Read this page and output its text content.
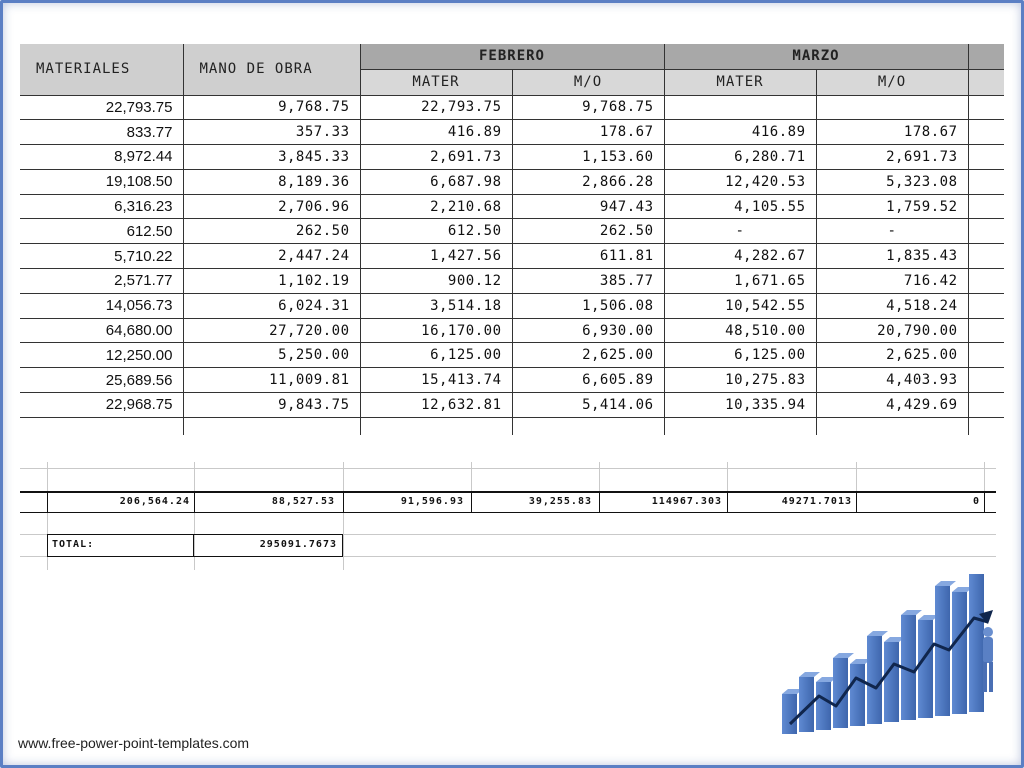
MATERIALES	MANO DE OBRA	FEBRERO		MARZO		
		MATER	M/O	MATER	M/O	
22,793.75	9,768.75	22,793.75	9,768.75			
833.77	357.33	416.89	178.67	416.89	178.67	
8,972.44	3,845.33	2,691.73	1,153.60	6,280.71	2,691.73	
19,108.50	8,189.36	6,687.98	2,866.28	12,420.53	5,323.08	
6,316.23	2,706.96	2,210.68	947.43	4,105.55	1,759.52	
612.50	262.50	612.50	262.50	-	-	
5,710.22	2,447.24	1,427.56	611.81	4,282.67	1,835.43	
2,571.77	1,102.19	900.12	385.77	1,671.65	716.42	
14,056.73	6,024.31	3,514.18	1,506.08	10,542.55	4,518.24	
64,680.00	27,720.00	16,170.00	6,930.00	48,510.00	20,790.00	
12,250.00	5,250.00	6,125.00	2,625.00	6,125.00	2,625.00	
25,689.56	11,009.81	15,413.74	6,605.89	10,275.83	4,403.93	
22,968.75	9,843.75	12,632.81	5,414.06	10,335.94	4,429.69	

206,564.24	88,527.53	91,596.93	39,255.83	114967.303	49271.7013	0
TOTAL:	295091.7673
www.free-power-point-templates.com
